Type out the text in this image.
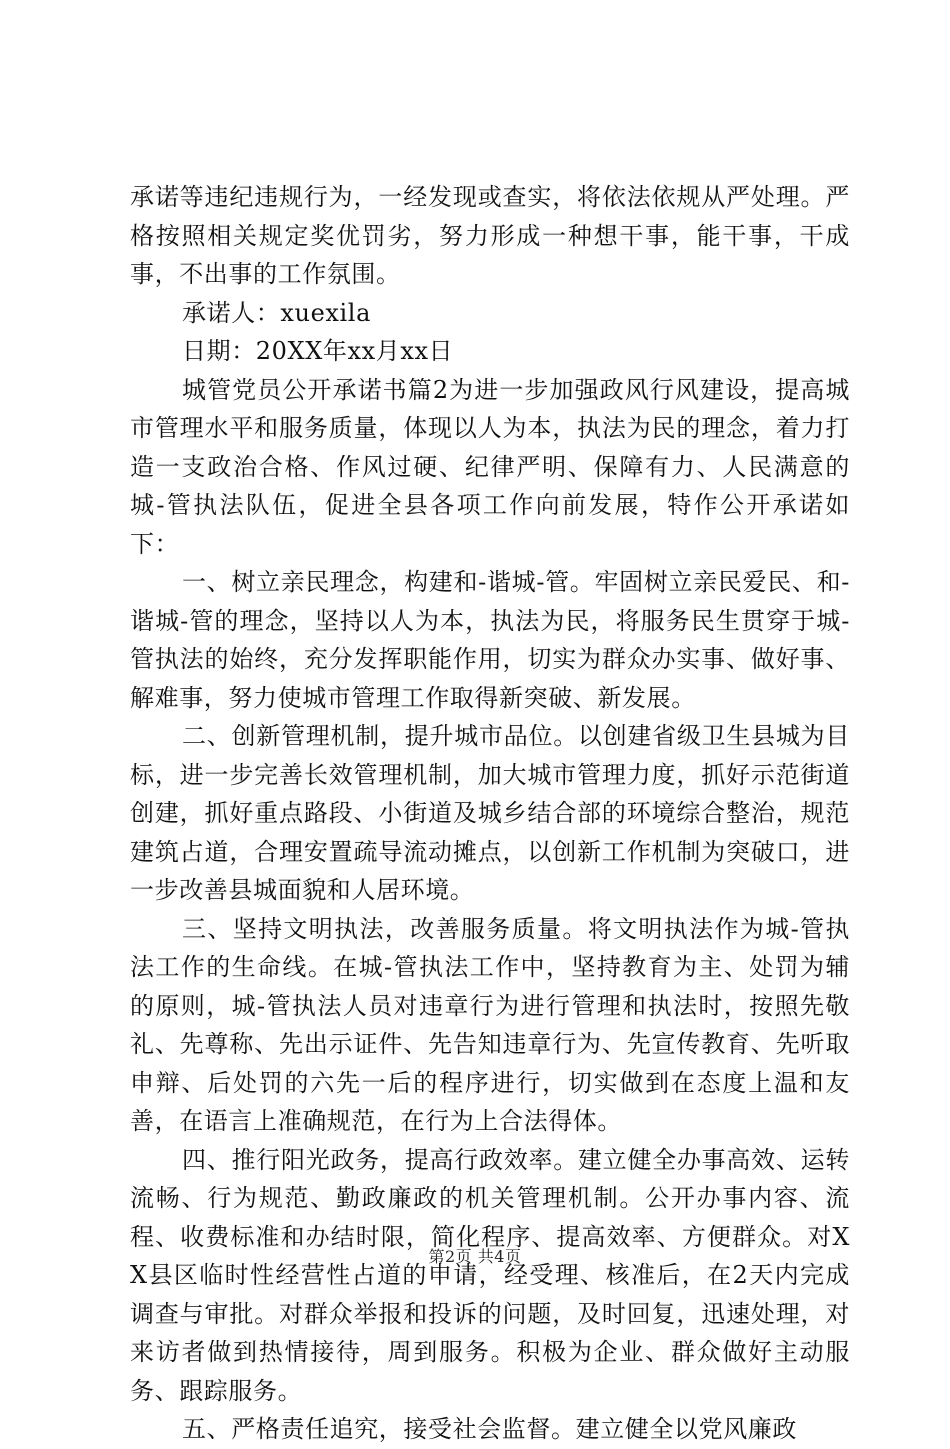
承诺等违纪违规行为，一经发现或查实，将依法依规从严处理。严格按照相关规定奖优罚劣，努力形成一种想干事，能干事，干成事，不出事的工作氛围。

承诺人：xuexila

日期：20XX年xx月xx日

城管党员公开承诺书篇2为进一步加强政风行风建设，提高城市管理水平和服务质量，体现以人为本，执法为民的理念，着力打造一支政治合格、作风过硬、纪律严明、保障有力、人民满意的城-管执法队伍，促进全县各项工作向前发展，特作公开承诺如下：

一、树立亲民理念，构建和-谐城-管。牢固树立亲民爱民、和-谐城-管的理念，坚持以人为本，执法为民，将服务民生贯穿于城-管执法的始终，充分发挥职能作用，切实为群众办实事、做好事、解难事，努力使城市管理工作取得新突破、新发展。

二、创新管理机制，提升城市品位。以创建省级卫生县城为目标，进一步完善长效管理机制，加大城市管理力度，抓好示范街道创建，抓好重点路段、小街道及城乡结合部的环境综合整治，规范建筑占道，合理安置疏导流动摊点，以创新工作机制为突破口，进一步改善县城面貌和人居环境。

三、坚持文明执法，改善服务质量。将文明执法作为城-管执法工作的生命线。在城-管执法工作中，坚持教育为主、处罚为辅的原则，城-管执法人员对违章行为进行管理和执法时，按照先敬礼、先尊称、先出示证件、先告知违章行为、先宣传教育、先听取申辩、后处罚的六先一后的程序进行，切实做到在态度上温和友善，在语言上准确规范，在行为上合法得体。

四、推行阳光政务，提高行政效率。建立健全办事高效、运转流畅、行为规范、勤政廉政的机关管理机制。公开办事内容、流程、收费标准和办结时限，简化程序、提高效率、方便群众。对XX县区临时性经营性占道的申请，经受理、核准后，在2天内完成调查与审批。对群众举报和投诉的问题，及时回复，迅速处理，对来访者做到热情接待，周到服务。积极为企业、群众做好主动服务、跟踪服务。

五、严格责任追究，接受社会监督。建立健全以党风廉政

第2页 共4页
